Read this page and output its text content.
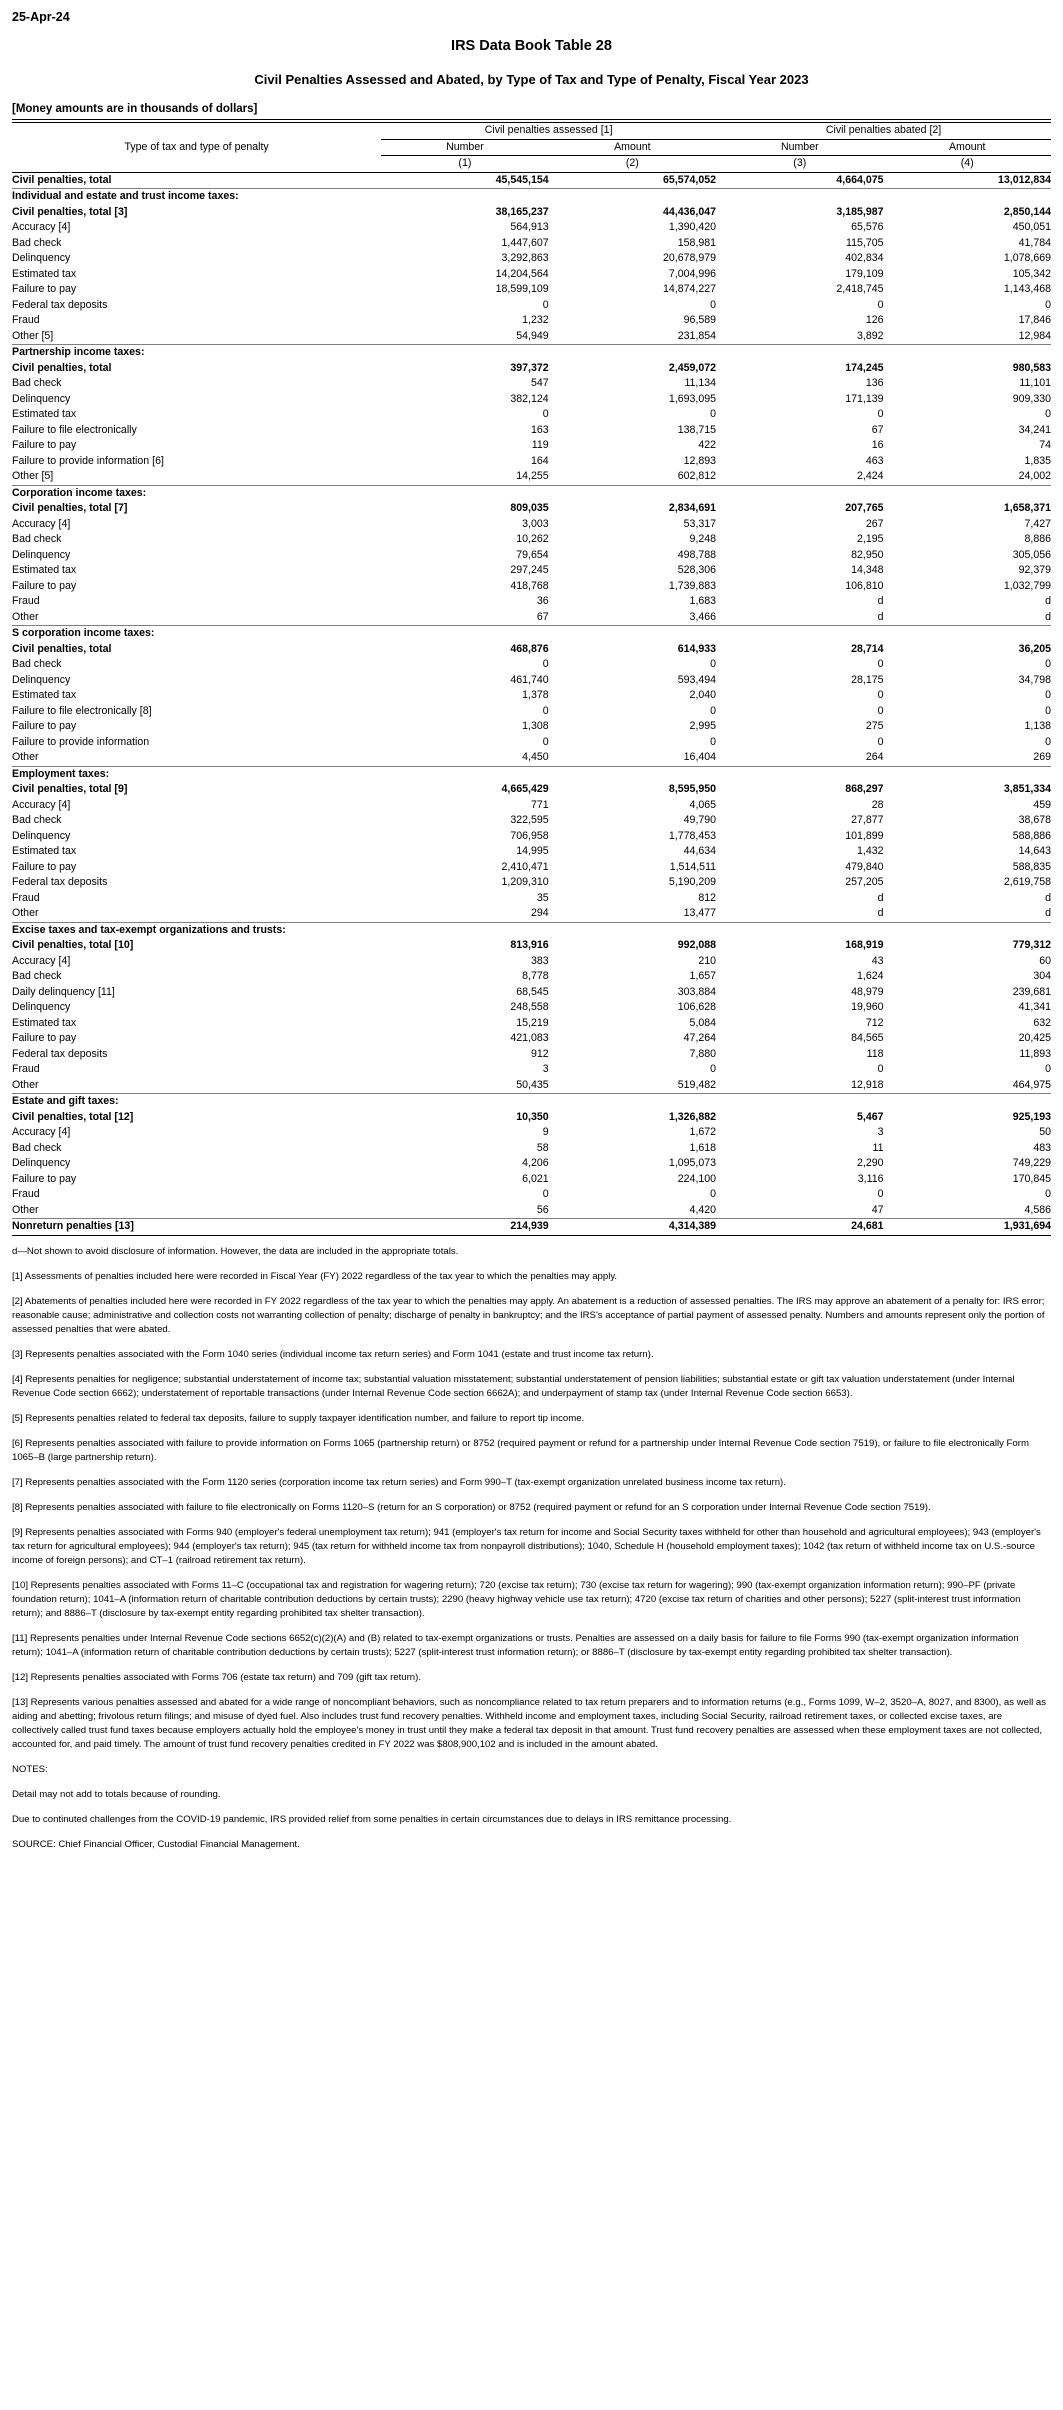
25-Apr-24
IRS Data Book Table 28
Civil Penalties Assessed and Abated, by Type of Tax and Type of Penalty, Fiscal Year 2023
[Money amounts are in thousands of dollars]
Type of tax and type of penalty	Civil penalties assessed [1]		Civil penalties abated [2]	
	Number	Amount	Number	Amount
	(1)	(2)	(3)	(4)
Civil penalties, total	45,545,154	65,574,052	4,664,075	13,012,834
Individual and estate and trust income taxes:				
Civil penalties, total [3]	38,165,237	44,436,047	3,185,987	2,850,144
Accuracy [4]	564,913	1,390,420	65,576	450,051
Bad check	1,447,607	158,981	115,705	41,784
Delinquency	3,292,863	20,678,979	402,834	1,078,669
Estimated tax	14,204,564	7,004,996	179,109	105,342
Failure to pay	18,599,109	14,874,227	2,418,745	1,143,468
Federal tax deposits	0	0	0	0
Fraud	1,232	96,589	126	17,846
Other [5]	54,949	231,854	3,892	12,984
Partnership income taxes:				
Civil penalties, total	397,372	2,459,072	174,245	980,583
Bad check	547	11,134	136	11,101
Delinquency	382,124	1,693,095	171,139	909,330
Estimated tax	0	0	0	0
Failure to file electronically	163	138,715	67	34,241
Failure to pay	119	422	16	74
Failure to provide information [6]	164	12,893	463	1,835
Other [5]	14,255	602,812	2,424	24,002
Corporation income taxes:				
Civil penalties, total [7]	809,035	2,834,691	207,765	1,658,371
Accuracy [4]	3,003	53,317	267	7,427
Bad check	10,262	9,248	2,195	8,886
Delinquency	79,654	498,788	82,950	305,056
Estimated tax	297,245	528,306	14,348	92,379
Failure to pay	418,768	1,739,883	106,810	1,032,799
Fraud	36	1,683	d	d
Other	67	3,466	d	d
S corporation income taxes:				
Civil penalties, total	468,876	614,933	28,714	36,205
Bad check	0	0	0	0
Delinquency	461,740	593,494	28,175	34,798
Estimated tax	1,378	2,040	0	0
Failure to file electronically [8]	0	0	0	0
Failure to pay	1,308	2,995	275	1,138
Failure to provide information	0	0	0	0
Other	4,450	16,404	264	269
Employment taxes:				
Civil penalties, total [9]	4,665,429	8,595,950	868,297	3,851,334
Accuracy [4]	771	4,065	28	459
Bad check	322,595	49,790	27,877	38,678
Delinquency	706,958	1,778,453	101,899	588,886
Estimated tax	14,995	44,634	1,432	14,643
Failure to pay	2,410,471	1,514,511	479,840	588,835
Federal tax deposits	1,209,310	5,190,209	257,205	2,619,758
Fraud	35	812	d	d
Other	294	13,477	d	d
Excise taxes and tax-exempt organizations and trusts:				
Civil penalties, total [10]	813,916	992,088	168,919	779,312
Accuracy [4]	383	210	43	60
Bad check	8,778	1,657	1,624	304
Daily delinquency [11]	68,545	303,884	48,979	239,681
Delinquency	248,558	106,628	19,960	41,341
Estimated tax	15,219	5,084	712	632
Failure to pay	421,083	47,264	84,565	20,425
Federal tax deposits	912	7,880	118	11,893
Fraud	3	0	0	0
Other	50,435	519,482	12,918	464,975
Estate and gift taxes:				
Civil penalties, total [12]	10,350	1,326,882	5,467	925,193
Accuracy [4]	9	1,672	3	50
Bad check	58	1,618	11	483
Delinquency	4,206	1,095,073	2,290	749,229
Failure to pay	6,021	224,100	3,116	170,845
Fraud	0	0	0	0
Other	56	4,420	47	4,586
Nonreturn penalties [13]	214,939	4,314,389	24,681	1,931,694

d—Not shown to avoid disclosure of information. However, the data are included in the appropriate totals.

[1] Assessments of penalties included here were recorded in Fiscal Year (FY) 2022 regardless of the tax year to which the penalties may apply.

[2] Abatements of penalties included here were recorded in FY 2022 regardless of the tax year to which the penalties may apply. An abatement is a reduction of assessed penalties. The IRS may approve an abatement of a penalty for: IRS error; reasonable cause; administrative and collection costs not warranting collection of penalty; discharge of penalty in bankruptcy; and the IRS's acceptance of partial payment of assessed penalty. Numbers and amounts represent only the portion of assessed penalties that were abated.

[3] Represents penalties associated with the Form 1040 series (individual income tax return series) and Form 1041 (estate and trust income tax return).

[4] Represents penalties for negligence; substantial understatement of income tax; substantial valuation misstatement; substantial understatement of pension liabilities; substantial estate or gift tax valuation understatement (under Internal Revenue Code section 6662); understatement of reportable transactions (under Internal Revenue Code section 6662A); and underpayment of stamp tax (under Internal Revenue Code section 6653).

[5] Represents penalties related to federal tax deposits, failure to supply taxpayer identification number, and failure to report tip income.

[6] Represents penalties associated with failure to provide information on Forms 1065 (partnership return) or 8752 (required payment or refund for a partnership under Internal Revenue Code section 7519), or failure to file electronically Form 1065–B (large partnership return).

[7] Represents penalties associated with the Form 1120 series (corporation income tax return series) and Form 990–T (tax-exempt organization unrelated business income tax return).

[8] Represents penalties associated with failure to file electronically on Forms 1120–S (return for an S corporation) or 8752 (required payment or refund for an S corporation under Internal Revenue Code section 7519).

[9] Represents penalties associated with Forms 940 (employer's federal unemployment tax return); 941 (employer's tax return for income and Social Security taxes withheld for other than household and agricultural employees); 943 (employer's tax return for agricultural employees); 944 (employer's tax return); 945 (tax return for withheld income tax from nonpayroll distributions); 1040, Schedule H (household employment taxes); 1042 (tax return of withheld income tax on U.S.-source income of foreign persons); and CT–1 (railroad retirement tax return).

[10] Represents penalties associated with Forms 11–C (occupational tax and registration for wagering return); 720 (excise tax return); 730 (excise tax return for wagering); 990 (tax-exempt organization information return); 990–PF (private foundation return); 1041–A (information return of charitable contribution deductions by certain trusts); 2290 (heavy highway vehicle use tax return); 4720 (excise tax return of charities and other persons); 5227 (split-interest trust information return); and 8886–T (disclosure by tax-exempt entity regarding prohibited tax shelter transaction).

[11] Represents penalties under Internal Revenue Code sections 6652(c)(2)(A) and (B) related to tax-exempt organizations or trusts. Penalties are assessed on a daily basis for failure to file Forms 990 (tax-exempt organization information return); 1041–A (information return of charitable contribution deductions by certain trusts); 5227 (split-interest trust information return); or 8886–T (disclosure by tax-exempt entity regarding prohibited tax shelter transaction).

[12] Represents penalties associated with Forms 706 (estate tax return) and 709 (gift tax return).

[13] Represents various penalties assessed and abated for a wide range of noncompliant behaviors, such as noncompliance related to tax return preparers and to information returns (e.g., Forms 1099, W–2, 3520–A, 8027, and 8300), as well as aiding and abetting; frivolous return filings; and misuse of dyed fuel. Also includes trust fund recovery penalties. Withheld income and employment taxes, including Social Security, railroad retirement taxes, or collected excise taxes, are collectively called trust fund taxes because employers actually hold the employee's money in trust until they make a federal tax deposit in that amount. Trust fund recovery penalties are assessed when these employment taxes are not collected, accounted for, and paid timely. The amount of trust fund recovery penalties credited in FY 2022 was $808,900,102 and is included in the amount abated.

NOTES:

Detail may not add to totals because of rounding.

Due to continuted challenges from the COVID-19 pandemic, IRS provided relief from some penalties in certain circumstances due to delays in IRS remittance processing.

SOURCE: Chief Financial Officer, Custodial Financial Management.
